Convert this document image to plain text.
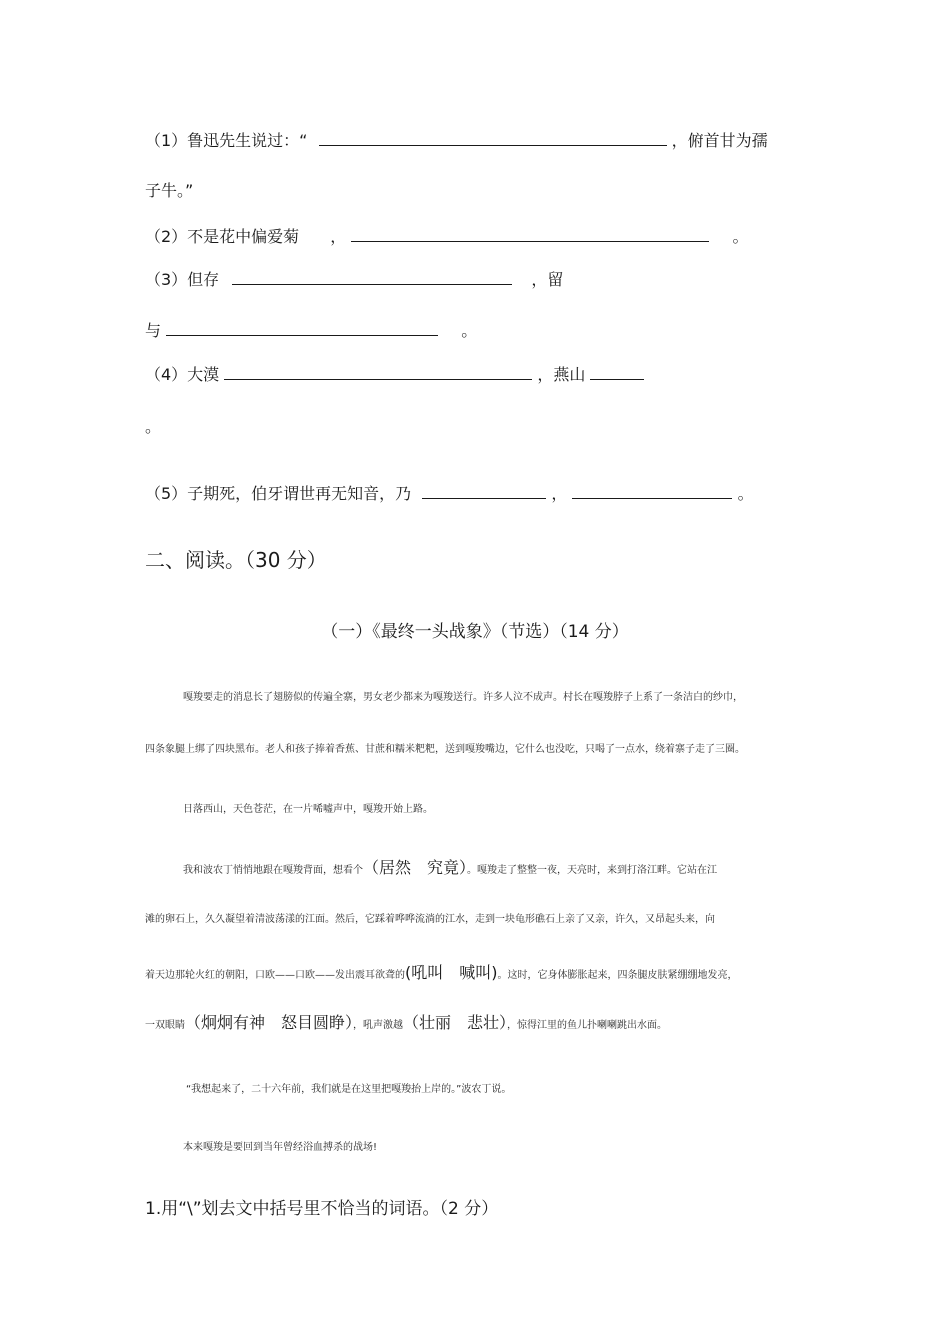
（1）鲁迅先生说过：“	，俯首甘为孺
子牛。”
（2）不是花中偏爱菊 ，	。
（3）但存	，留
与	。
（4）大漠	，燕山
。
（5）子期死，伯牙谓世再无知音，乃	，	。
二、阅读。（30 分）
（一）《最终一头战象》（节选）（14 分）
嘎羧要走的消息长了翅膀似的传遍全寨，男女老少都来为嘎羧送行。许多人泣不成声。村长在嘎羧脖子上系了一条洁白的纱巾，
四条象腿上绑了四块黑布。老人和孩子捧着香蕉、甘蔗和糯米粑粑，送到嘎羧嘴边，它什么也没吃，只喝了一点水，绕着寨子走了三圈。
日落西山，天色苍茫，在一片唏嘘声中，嘎羧开始上路。
我和波农丁悄悄地跟在嘎羧背面，想看个（居然　究竟）。嘎羧走了整整一夜，天亮时，来到打洛江畔。它站在江
滩的卵石上，久久凝望着清波荡漾的江面。然后，它踩着哗哗流淌的江水，走到一块龟形礁石上亲了又亲，许久，又昂起头来，向
着天边那轮火红的朝阳，口欧——口欧——发出震耳欲聋的(吼叫　喊叫)。这时，它身体膨胀起来，四条腿皮肤紧绷绷地发亮，
一双眼睛（炯炯有神　怒目圆睁），吼声激越（壮丽　悲壮），惊得江里的鱼儿扑喇喇跳出水面。
“我想起来了，二十六年前，我们就是在这里把嘎羧抬上岸的。”波农丁说。
本来嘎羧是要回到当年曾经浴血搏杀的战场!
1.用“\”划去文中括号里不恰当的词语。（2 分）
